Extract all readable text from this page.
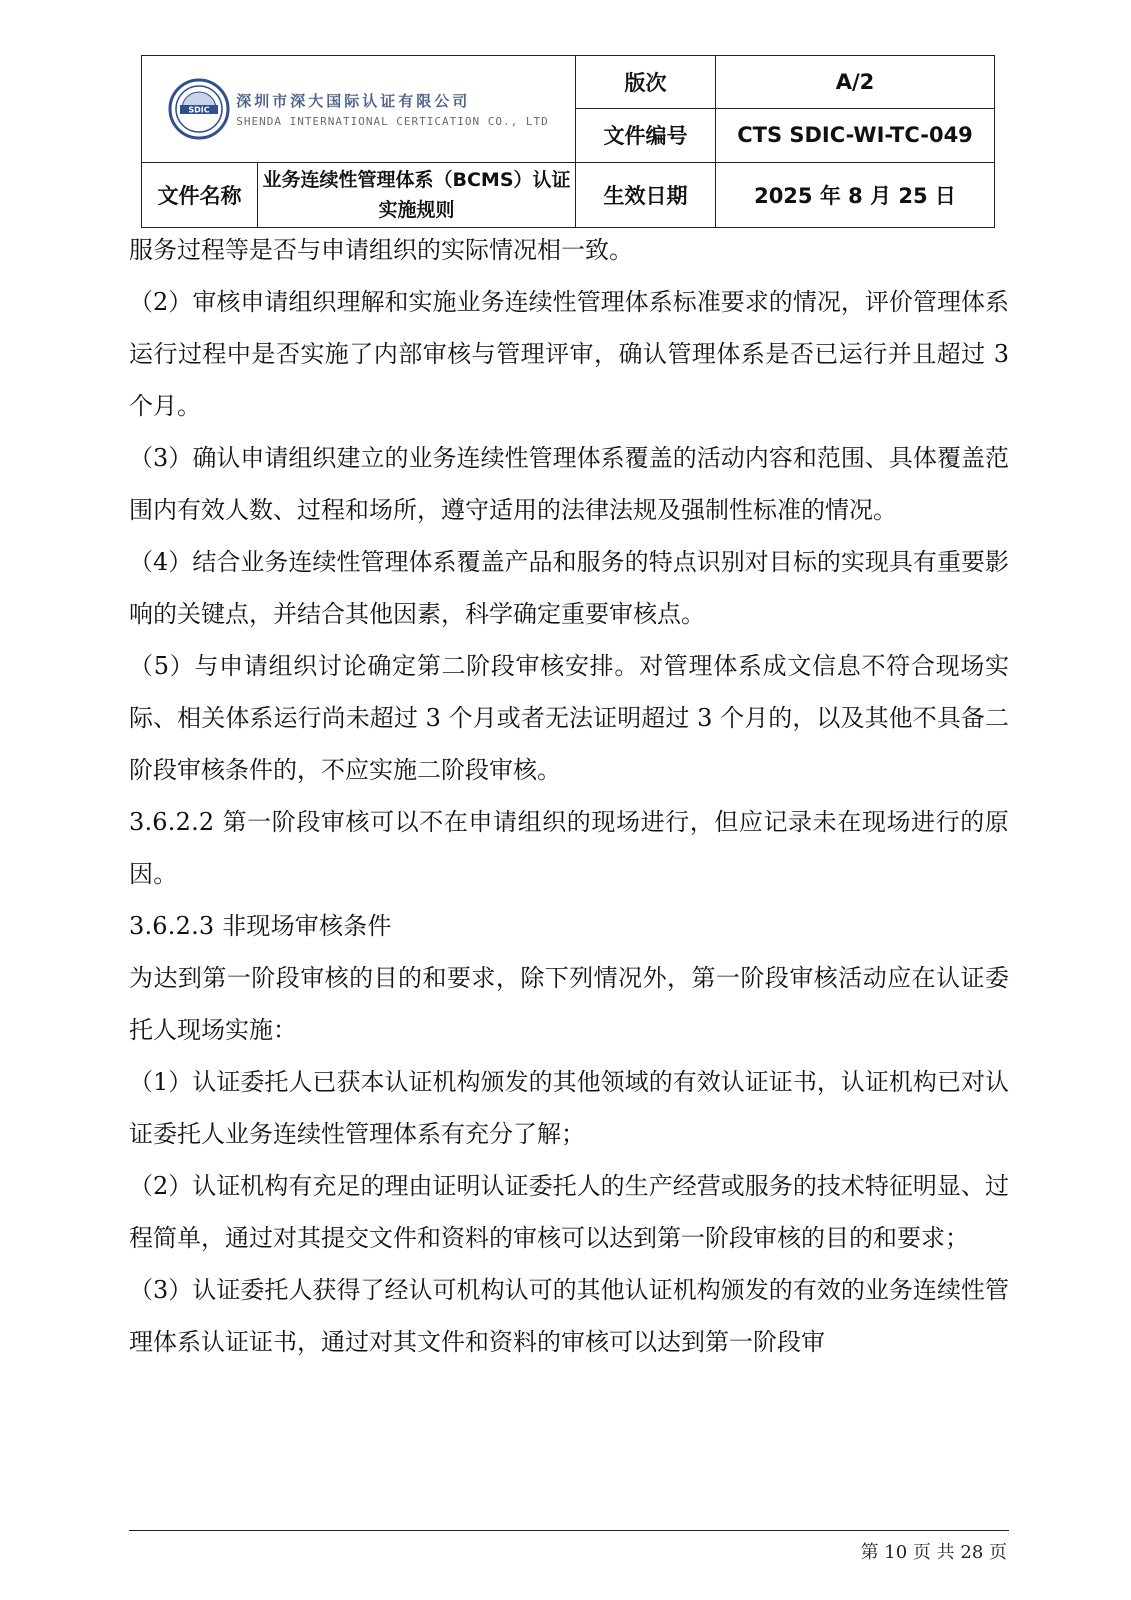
SDIC 深圳市深大国际认证有限公司
SHENDA INTERNATIONAL CERTICATION CO., LTD		版次	A/2
		文件编号	CTS SDIC-WI-TC-049
文件名称	业务连续性管理体系（BCMS）认证实施规则	生效日期	2025 年 8 月 25 日

服务过程等是否与申请组织的实际情况相一致。

（2）审核申请组织理解和实施业务连续性管理体系标准要求的情况，评价管理体系运行过程中是否实施了内部审核与管理评审，确认管理体系是否已运行并且超过 3 个月。

（3）确认申请组织建立的业务连续性管理体系覆盖的活动内容和范围、具体覆盖范围内有效人数、过程和场所，遵守适用的法律法规及强制性标准的情况。

（4）结合业务连续性管理体系覆盖产品和服务的特点识别对目标的实现具有重要影响的关键点，并结合其他因素，科学确定重要审核点。

（5）与申请组织讨论确定第二阶段审核安排。对管理体系成文信息不符合现场实际、相关体系运行尚未超过 3 个月或者无法证明超过 3 个月的，以及其他不具备二阶段审核条件的，不应实施二阶段审核。

3.6.2.2 第一阶段审核可以不在申请组织的现场进行，但应记录未在现场进行的原因。

3.6.2.3 非现场审核条件

为达到第一阶段审核的目的和要求，除下列情况外，第一阶段审核活动应在认证委托人现场实施：

（1）认证委托人已获本认证机构颁发的其他领域的有效认证证书，认证机构已对认证委托人业务连续性管理体系有充分了解；

（2）认证机构有充足的理由证明认证委托人的生产经营或服务的技术特征明显、过程简单，通过对其提交文件和资料的审核可以达到第一阶段审核的目的和要求；

（3）认证委托人获得了经认可机构认可的其他认证机构颁发的有效的业务连续性管理体系认证证书，通过对其文件和资料的审核可以达到第一阶段审

第 10 页 共 28 页
